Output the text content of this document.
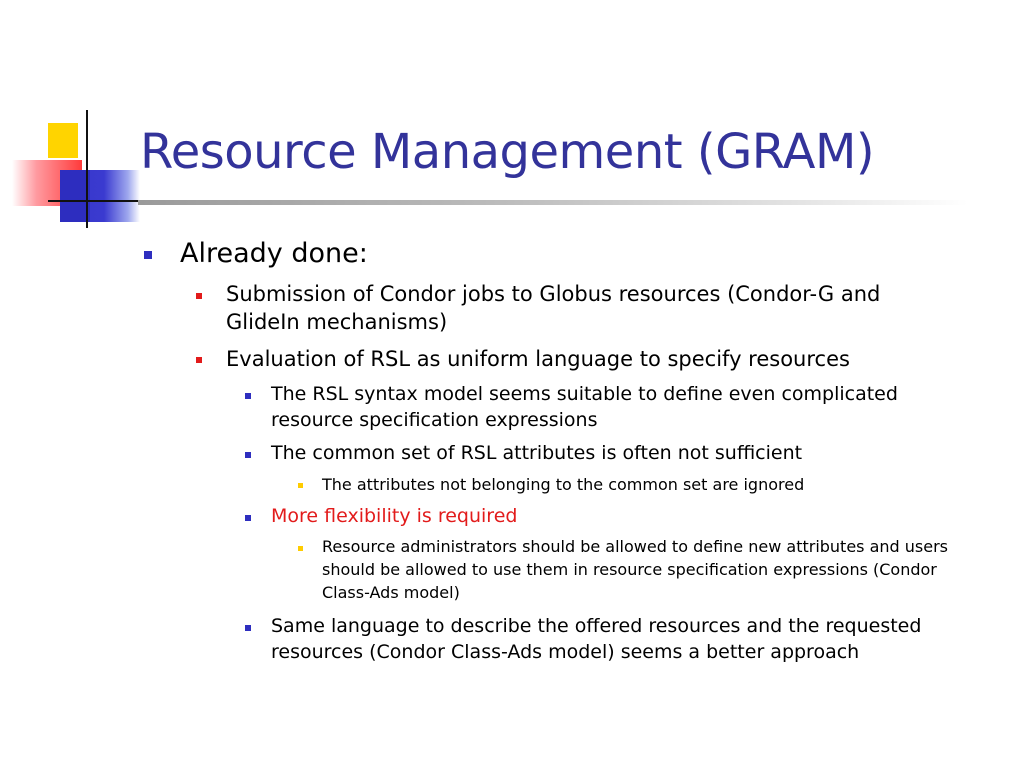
Resource Management (GRAM)
Already done:
Submission of Condor jobs to Globus resources (Condor-G and GlideIn mechanisms)
Evaluation of RSL as uniform language to specify resources
The RSL syntax model seems suitable to define even complicated resource specification expressions
The common set of RSL attributes is often not sufficient
The attributes not belonging to the common set are ignored
More flexibility is required
Resource administrators should be allowed to define new attributes and users should be allowed to use them in resource specification expressions (Condor Class-Ads model)
Same language to describe the offered resources and the requested resources (Condor Class-Ads model) seems a better approach
